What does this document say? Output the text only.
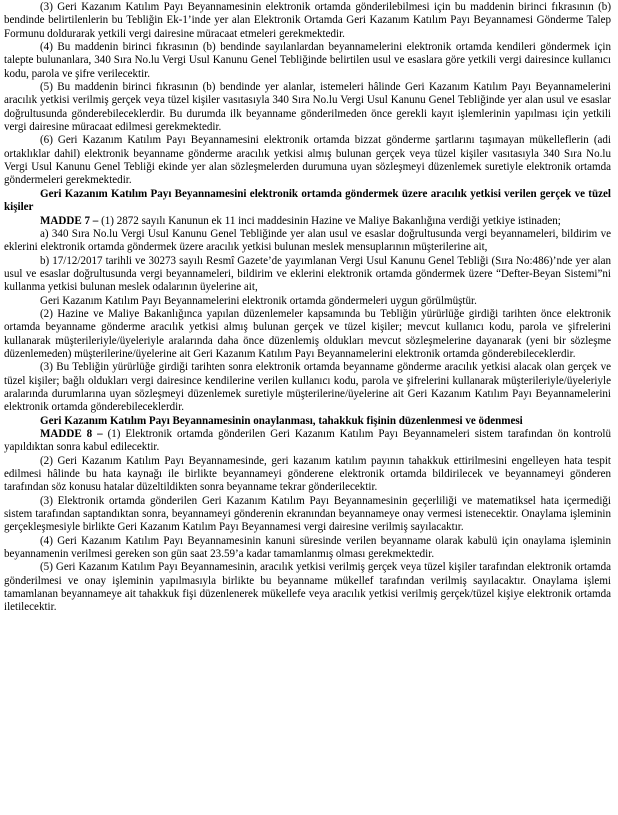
(3) Geri Kazanım Katılım Payı Beyannamesinin elektronik ortamda gönderilebilmesi için bu maddenin birinci fıkrasının (b) bendinde belirtilenlerin bu Tebliğin Ek-1’inde yer alan Elektronik Ortamda Geri Kazanım Katılım Payı Beyannamesi Gönderme Talep Formunu doldurarak yetkili vergi dairesine müracaat etmeleri gerekmektedir.

(4) Bu maddenin birinci fıkrasının (b) bendinde sayılanlardan beyannamelerini elektronik ortamda kendileri göndermek için talepte bulunanlara, 340 Sıra No.lu Vergi Usul Kanunu Genel Tebliğinde belirtilen usul ve esaslara göre yetkili vergi dairesince kullanıcı kodu, parola ve şifre verilecektir.

(5) Bu maddenin birinci fıkrasının (b) bendinde yer alanlar, istemeleri hâlinde Geri Kazanım Katılım Payı Beyannamelerini aracılık yetkisi verilmiş gerçek veya tüzel kişiler vasıtasıyla 340 Sıra No.lu Vergi Usul Kanunu Genel Tebliğinde yer alan usul ve esaslar doğrultusunda gönderebileceklerdir. Bu durumda ilk beyanname gönderilmeden önce gerekli kayıt işlemlerinin yapılması için yetkili vergi dairesine müracaat edilmesi gerekmektedir.

(6) Geri Kazanım Katılım Payı Beyannamesini elektronik ortamda bizzat gönderme şartlarını taşımayan mükelleflerin (adi ortaklıklar dahil) elektronik beyanname gönderme aracılık yetkisi almış bulunan gerçek veya tüzel kişiler vasıtasıyla 340 Sıra No.lu Vergi Usul Kanunu Genel Tebliği ekinde yer alan sözleşmelerden durumuna uyan sözleşmeyi düzenlemek suretiyle elektronik ortamda göndermeleri gerekmektedir.

Geri Kazanım Katılım Payı Beyannamesini elektronik ortamda göndermek üzere aracılık yetkisi verilen gerçek ve tüzel kişiler

MADDE 7 – (1) 2872 sayılı Kanunun ek 11 inci maddesinin Hazine ve Maliye Bakanlığına verdiği yetkiye istinaden;

a) 340 Sıra No.lu Vergi Usul Kanunu Genel Tebliğinde yer alan usul ve esaslar doğrultusunda vergi beyannameleri, bildirim ve eklerini elektronik ortamda göndermek üzere aracılık yetkisi bulunan meslek mensuplarının müşterilerine ait,

b) 17/12/2017 tarihli ve 30273 sayılı Resmî Gazete’de yayımlanan Vergi Usul Kanunu Genel Tebliği (Sıra No:486)’nde yer alan usul ve esaslar doğrultusunda vergi beyannameleri, bildirim ve eklerini elektronik ortamda göndermek üzere “Defter-Beyan Sistemi”ni kullanma yetkisi bulunan meslek odalarının üyelerine ait,

Geri Kazanım Katılım Payı Beyannamelerini elektronik ortamda göndermeleri uygun görülmüştür.

(2) Hazine ve Maliye Bakanlığınca yapılan düzenlemeler kapsamında bu Tebliğin yürürlüğe girdiği tarihten önce elektronik ortamda beyanname gönderme aracılık yetkisi almış bulunan gerçek ve tüzel kişiler; mevcut kullanıcı kodu, parola ve şifrelerini kullanarak müşterileriyle/üyeleriyle aralarında daha önce düzenlemiş oldukları mevcut sözleşmelerine dayanarak (yeni bir sözleşme düzenlemeden) müşterilerine/üyelerine ait Geri Kazanım Katılım Payı Beyannamelerini elektronik ortamda gönderebileceklerdir.

(3) Bu Tebliğin yürürlüğe girdiği tarihten sonra elektronik ortamda beyanname gönderme aracılık yetkisi alacak olan gerçek ve tüzel kişiler; bağlı oldukları vergi dairesince kendilerine verilen kullanıcı kodu, parola ve şifrelerini kullanarak müşterileriyle/üyeleriyle aralarında durumlarına uyan sözleşmeyi düzenlemek suretiyle müşterilerine/üyelerine ait Geri Kazanım Katılım Payı Beyannamelerini elektronik ortamda gönderebileceklerdir.

Geri Kazanım Katılım Payı Beyannamesinin onaylanması, tahakkuk fişinin düzenlenmesi ve ödenmesi

MADDE 8 – (1) Elektronik ortamda gönderilen Geri Kazanım Katılım Payı Beyannameleri sistem tarafından ön kontrolü yapıldıktan sonra kabul edilecektir.

(2) Geri Kazanım Katılım Payı Beyannamesinde, geri kazanım katılım payının tahakkuk ettirilmesini engelleyen hata tespit edilmesi hâlinde bu hata kaynağı ile birlikte beyannameyi gönderene elektronik ortamda bildirilecek ve beyannameyi gönderen tarafından söz konusu hatalar düzeltildikten sonra beyanname tekrar gönderilecektir.

(3) Elektronik ortamda gönderilen Geri Kazanım Katılım Payı Beyannamesinin geçerliliği ve matematiksel hata içermediği sistem tarafından saptandıktan sonra, beyannameyi gönderenin ekranından beyannameye onay vermesi istenecektir. Onaylama işleminin gerçekleşmesiyle birlikte Geri Kazanım Katılım Payı Beyannamesi vergi dairesine verilmiş sayılacaktır.

(4) Geri Kazanım Katılım Payı Beyannamesinin kanuni süresinde verilen beyanname olarak kabulü için onaylama işleminin beyannamenin verilmesi gereken son gün saat 23.59’a kadar tamamlanmış olması gerekmektedir.

(5) Geri Kazanım Katılım Payı Beyannamesinin, aracılık yetkisi verilmiş gerçek veya tüzel kişiler tarafından elektronik ortamda gönderilmesi ve onay işleminin yapılmasıyla birlikte bu beyanname mükellef tarafından verilmiş sayılacaktır. Onaylama işlemi tamamlanan beyannameye ait tahakkuk fişi düzenlenerek mükellefe veya aracılık yetkisi verilmiş gerçek/tüzel kişiye elektronik ortamda iletilecektir.
